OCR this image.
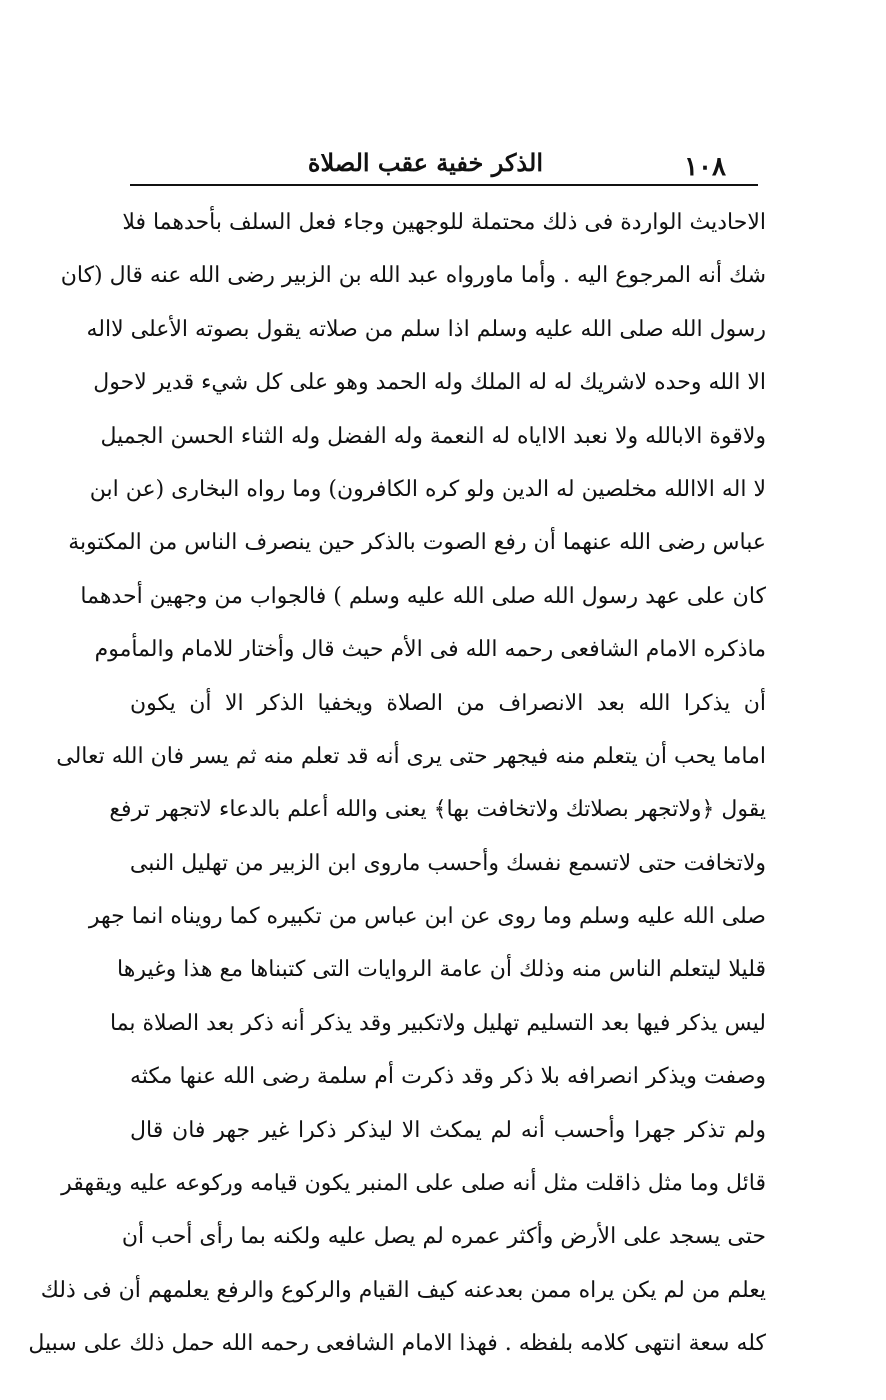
الذكر خفية عقب الصلاة	١٠٨
الاحاديث الواردة فى ذلك محتملة للوجهين وجاء فعل السلف بأحدهما فلا
شك أنه المرجوع اليه . وأما ماورواه عبد الله بن الزبير رضى الله عنه قال (كان
رسول الله صلى الله عليه وسلم اذا سلم من صلاته يقول بصوته الأعلى لااله
الا الله وحده لاشريك له له الملك وله الحمد وهو على كل شيء قدير لاحول
ولاقوة الابالله ولا نعبد الااياه له النعمة وله الفضل وله الثناء الحسن الجميل
لا اله الاالله مخلصين له الدين ولو كره الكافرون) وما رواه البخارى (عن ابن
عباس رضى الله عنهما أن رفع الصوت بالذكر حين ينصرف الناس من المكتوبة
كان على عهد رسول الله صلى الله عليه وسلم ) فالجواب من وجهين أحدهما
ماذكره الامام الشافعى رحمه الله فى الأم حيث قال وأختار للامام والمأموم
أن يذكرا الله بعد الانصراف من الصلاة ويخفيا الذكر الا أن يكون
اماما يحب أن يتعلم منه فيجهر حتى يرى أنه قد تعلم منه ثم يسر فان الله تعالى
يقول ﴿ولاتجهر بصلاتك ولاتخافت بها﴾ يعنى والله أعلم بالدعاء لاتجهر ترفع
ولاتخافت حتى لاتسمع نفسك وأحسب ماروى ابن الزبير من تهليل النبى
صلى الله عليه وسلم وما روى عن ابن عباس من تكبيره كما رويناه انما جهر
قليلا ليتعلم الناس منه وذلك أن عامة الروايات التى كتبناها مع هذا وغيرها
ليس يذكر فيها بعد التسليم تهليل ولاتكبير وقد يذكر أنه ذكر بعد الصلاة بما
وصفت ويذكر انصرافه بلا ذكر وقد ذكرت أم سلمة رضى الله عنها مكثه
ولم تذكر جهرا وأحسب أنه لم يمكث الا ليذكر ذكرا غير جهر فان قال
قائل وما مثل ذاقلت مثل أنه صلى على المنبر يكون قيامه وركوعه عليه ويقهقر
حتى يسجد على الأرض وأكثر عمره لم يصل عليه ولكنه بما رأى أحب أن
يعلم من لم يكن يراه ممن بعدعنه كيف القيام والركوع والرفع يعلمهم أن فى ذلك
كله سعة انتهى كلامه بلفظه . فهذا الامام الشافعى رحمه الله حمل ذلك على سبيل
